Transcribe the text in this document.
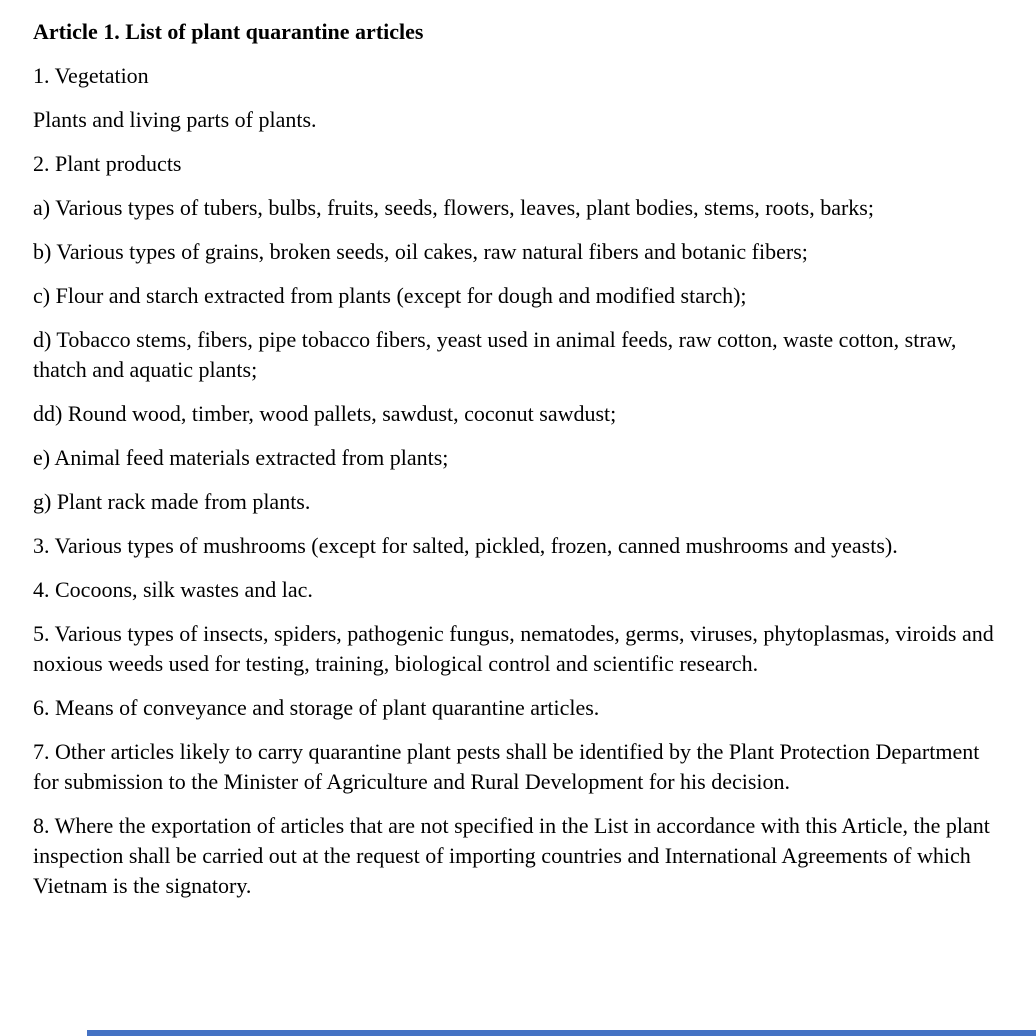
Article 1. List of plant quarantine articles

1. Vegetation

Plants and living parts of plants.

2. Plant products

a) Various types of tubers, bulbs, fruits, seeds, flowers, leaves, plant bodies, stems, roots, barks;

b) Various types of grains, broken seeds, oil cakes, raw natural fibers and botanic fibers;

c) Flour and starch extracted from plants (except for dough and modified starch);

d) Tobacco stems, fibers, pipe tobacco fibers, yeast used in animal feeds, raw cotton, waste cotton, straw, thatch and aquatic plants;

dd) Round wood, timber, wood pallets, sawdust, coconut sawdust;

e) Animal feed materials extracted from plants;

g) Plant rack made from plants.

3. Various types of mushrooms (except for salted, pickled, frozen, canned mushrooms and yeasts).

4. Cocoons, silk wastes and lac.

5. Various types of insects, spiders, pathogenic fungus, nematodes, germs, viruses, phytoplasmas, viroids and noxious weeds used for testing, training, biological control and scientific research.

6. Means of conveyance and storage of plant quarantine articles.

7. Other articles likely to carry quarantine plant pests shall be identified by the Plant Protection Department for submission to the Minister of Agriculture and Rural Development for his decision.

8. Where the exportation of articles that are not specified in the List in accordance with this Article, the plant inspection shall be carried out at the request of importing countries and International Agreements of which Vietnam is the signatory.
